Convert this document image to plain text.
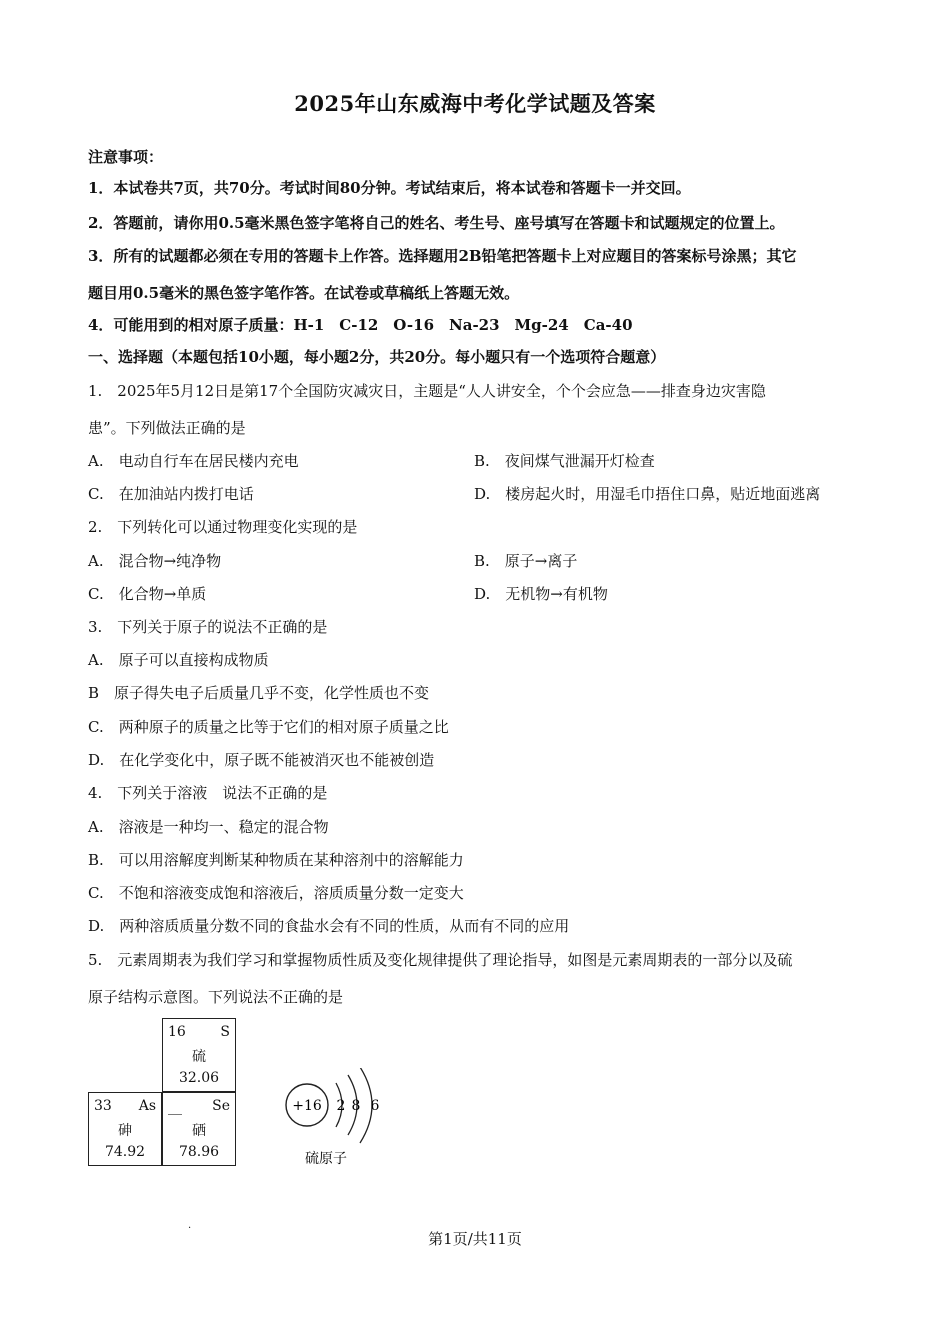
2025年山东威海中考化学试题及答案
注意事项：
1．本试卷共7页，共70分。考试时间80分钟。考试结束后，将本试卷和答题卡一并交回。
2．答题前，请你用0.5毫米黑色签字笔将自己的姓名、考生号、座号填写在答题卡和试题规定的位置上。
3．所有的试题都必须在专用的答题卡上作答。选择题用2B铅笔把答题卡上对应题目的答案标号涂黑；其它
题目用0.5毫米的黑色签字笔作答。在试卷或草稿纸上答题无效。
4．可能用到的相对原子质量：H-1　C-12　O-16　Na-23　Mg-24　Ca-40
一、选择题（本题包括10小题，每小题2分，共20分。每小题只有一个选项符合题意）
1.　2025年5月12日是第17个全国防灾减灾日，主题是“人人讲安全，个个会应急——排查身边灾害隐
患”。下列做法正确的是
A.　电动自行车在居民楼内充电	B.　夜间煤气泄漏开灯检查
C.　在加油站内拨打电话	D.　楼房起火时，用湿毛巾捂住口鼻，贴近地面逃离
2.　下列转化可以通过物理变化实现的是
A.　混合物→纯净物	B.　原子→离子
C.　化合物→单质	D.　无机物→有机物
3.　下列关于原子的说法不正确的是
A.　原子可以直接构成物质
B　原子得失电子后质量几乎不变，化学性质也不变
C.　两种原子的质量之比等于它们的相对原子质量之比
D.　在化学变化中，原子既不能被消灭也不能被创造
4.　下列关于溶液　说法不正确的是
A.　溶液是一种均一、稳定的混合物
B.　可以用溶解度判断某种物质在某种溶剂中的溶解能力
C.　不饱和溶液变成饱和溶液后，溶质质量分数一定变大
D.　两种溶质质量分数不同的食盐水会有不同的性质，从而有不同的应用
5.　元素周期表为我们学习和掌握物质性质及变化规律提供了理论指导，如图是元素周期表的一部分以及硫
原子结构示意图。下列说法不正确的是
16 S
硫
32.06
33 As
砷
74.92
＿ Se
硒
78.96
+16 2 8 6
硫原子
.
第1页/共11页
